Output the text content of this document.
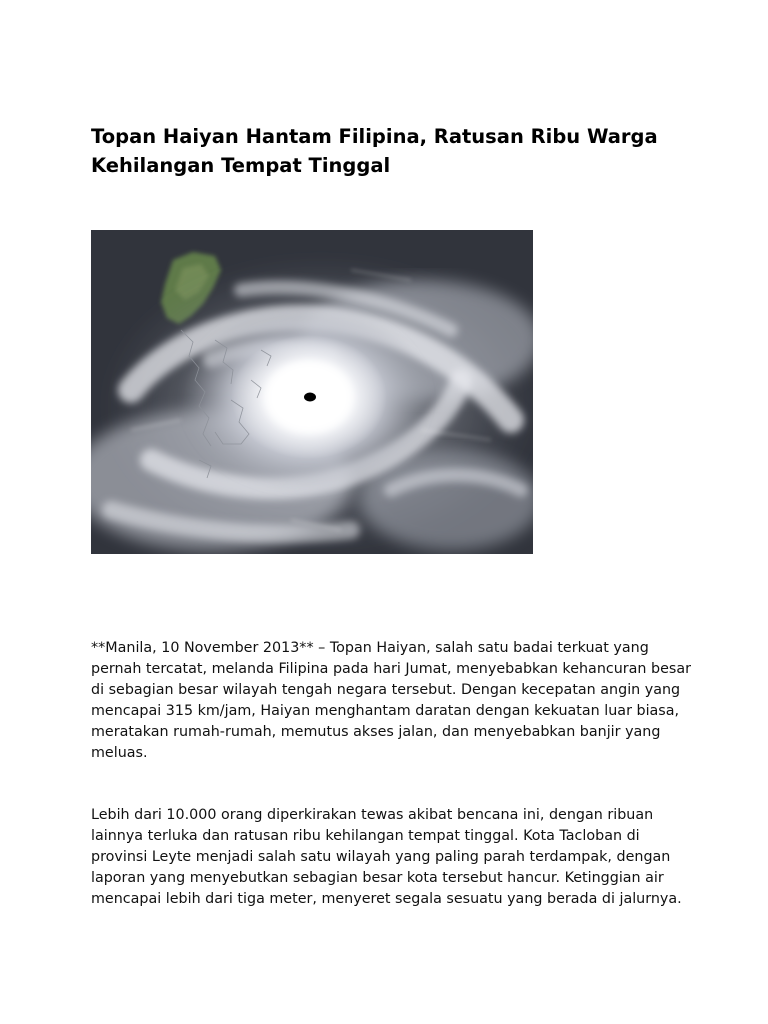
Topan Haiyan Hantam Filipina, Ratusan Ribu Warga Kehilangan Tempat Tinggal

**Manila, 10 November 2013** – Topan Haiyan, salah satu badai terkuat yang pernah tercatat, melanda Filipina pada hari Jumat, menyebabkan kehancuran besar di sebagian besar wilayah tengah negara tersebut. Dengan kecepatan angin yang mencapai 315 km/jam, Haiyan menghantam daratan dengan kekuatan luar biasa, meratakan rumah-rumah, memutus akses jalan, dan menyebabkan banjir yang meluas.

Lebih dari 10.000 orang diperkirakan tewas akibat bencana ini, dengan ribuan lainnya terluka dan ratusan ribu kehilangan tempat tinggal. Kota Tacloban di provinsi Leyte menjadi salah satu wilayah yang paling parah terdampak, dengan laporan yang menyebutkan sebagian besar kota tersebut hancur. Ketinggian air mencapai lebih dari tiga meter, menyeret segala sesuatu yang berada di jalurnya.
